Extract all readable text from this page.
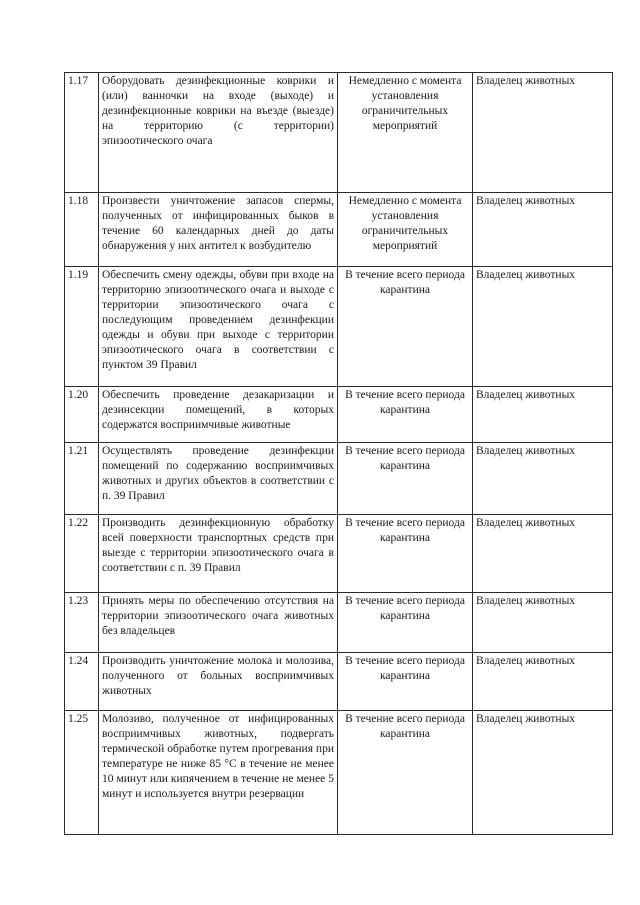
1.17	Оборудовать дезинфекционные коврики и (или) ванночки на входе (выходе) и дезинфекционные коврики на въезде (выезде) на территорию (с территории) эпизоотического очага	Немедленно с момента установления ограничительных мероприятий	Владелец животных
1.18	Произвести уничтожение запасов спермы, полученных от инфицированных быков в течение 60 календарных дней до даты обнаружения у них антител к возбудителю	Немедленно с момента установления ограничительных мероприятий	Владелец животных
1.19	Обеспечить смену одежды, обуви при входе на территорию эпизоотического очага и выходе с территории эпизоотического очага с последующим проведением дезинфекции одежды и обуви при выходе с территории эпизоотического очага в соответствии с пунктом 39 Правил	В течение всего периода карантина	Владелец животных
1.20	Обеспечить проведение дезакаризации и дезинсекции помещений, в которых содержатся восприимчивые животные	В течение всего периода карантина	Владелец животных
1.21	Осуществлять проведение дезинфекции помещений по содержанию восприимчивых животных и других объектов в соответствии с п. 39 Правил	В течение всего периода карантина	Владелец животных
1.22	Производить дезинфекционную обработку всей поверхности транспортных средств при выезде с территории эпизоотического очага в соответствии с п. 39 Правил	В течение всего периода карантина	Владелец животных
1.23	Принять меры по обеспечению отсутствия на территории эпизоотического очага животных без владельцев	В течение всего периода карантина	Владелец животных
1.24	Производить уничтожение молока и молозива, полученного от больных восприимчивых животных	В течение всего периода карантина	Владелец животных
1.25	Молозиво, полученное от инфицированных восприимчивых животных, подвергать термической обработке путем прогревания при температуре не ниже 85 °С в течение не менее 10 минут или кипячением в течение не менее 5 минут и используется внутри резервации	В течение всего периода карантина	Владелец животных
